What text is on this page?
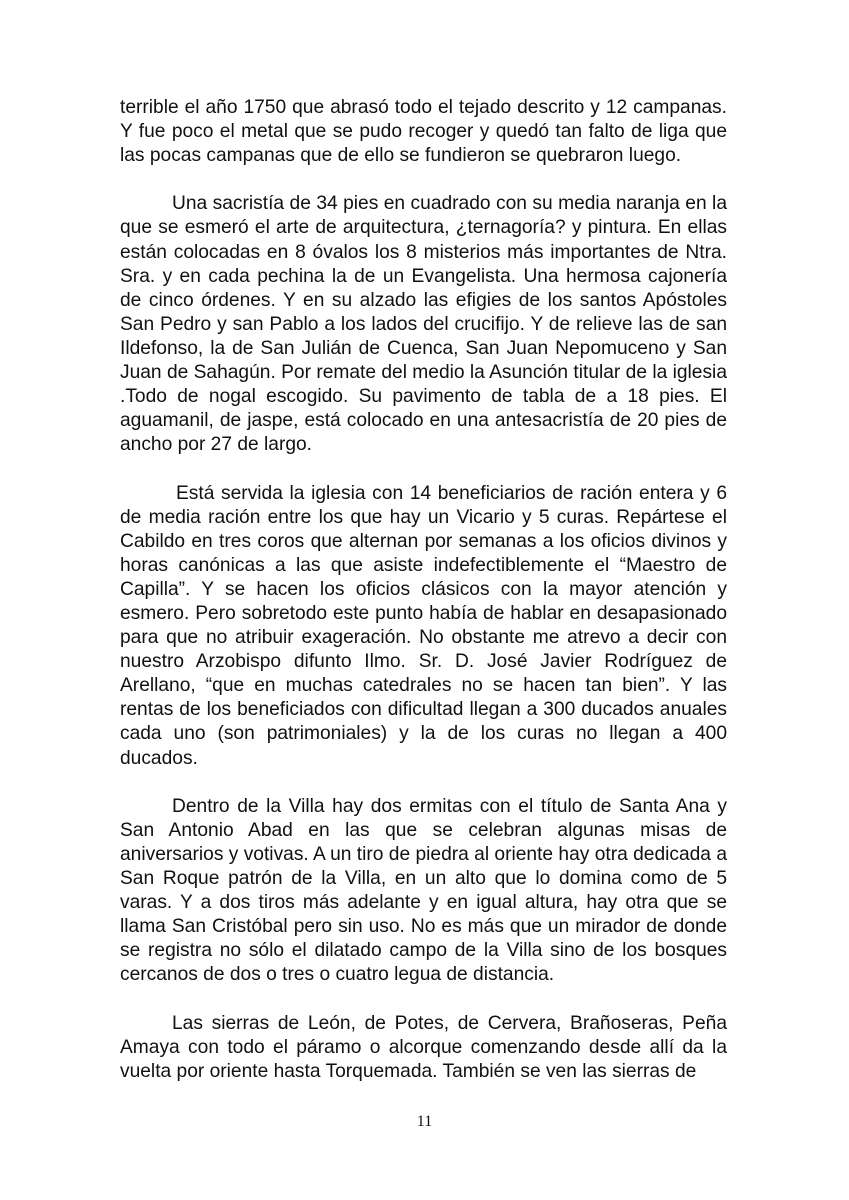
terrible el año 1750 que abrasó todo el tejado descrito y 12 campanas. Y fue poco el metal que se pudo recoger y quedó tan falto de liga que las pocas campanas que de ello se fundieron se quebraron luego.

Una sacristía de 34 pies en cuadrado con su media naranja en la que se esmeró el arte de arquitectura, ¿ternagoría? y pintura. En ellas están colocadas en 8 óvalos los 8 misterios más importantes de Ntra. Sra. y en cada pechina la de un Evangelista. Una hermosa cajonería de cinco órdenes. Y en su alzado las efigies de los santos Apóstoles San Pedro y san Pablo a los lados del crucifijo. Y de relieve las de san Ildefonso, la de San Julián de Cuenca, San Juan Nepomuceno y San Juan de Sahagún. Por remate del medio la Asunción titular de la iglesia .Todo de nogal escogido. Su pavimento de tabla de a 18 pies. El aguamanil, de jaspe, está colocado en una antesacristía de 20 pies de ancho por 27 de largo.

Está servida la iglesia con 14 beneficiarios de ración entera y 6 de media ración entre los que hay un Vicario y 5 curas. Repártese el Cabildo en tres coros que alternan por semanas a los oficios divinos y horas canónicas a las que asiste indefectiblemente el “Maestro de Capilla”. Y se hacen los oficios clásicos con la mayor atención y esmero. Pero sobretodo este punto había de hablar en desapasionado para que no atribuir exageración. No obstante me atrevo a decir con nuestro Arzobispo difunto Ilmo. Sr. D. José Javier Rodríguez de Arellano, “que en muchas catedrales no se hacen tan bien”. Y las rentas de los beneficiados con dificultad llegan a 300 ducados anuales cada uno (son patrimoniales) y la de los curas no llegan a 400 ducados.

Dentro de la Villa hay dos ermitas con el título de Santa Ana y San Antonio Abad en las que se celebran algunas misas de aniversarios y votivas. A un tiro de piedra al oriente hay otra dedicada a San Roque patrón de la Villa, en un alto que lo domina como de 5 varas. Y a dos tiros más adelante y en igual altura, hay otra que se llama San Cristóbal pero sin uso. No es más que un mirador de donde se registra no sólo el dilatado campo de la Villa sino de los bosques cercanos de dos o tres o cuatro legua de distancia.

Las sierras de León, de Potes, de Cervera, Brañoseras, Peña Amaya con todo el páramo o alcorque comenzando desde allí da la vuelta por oriente hasta Torquemada. También se ven las sierras de

11
